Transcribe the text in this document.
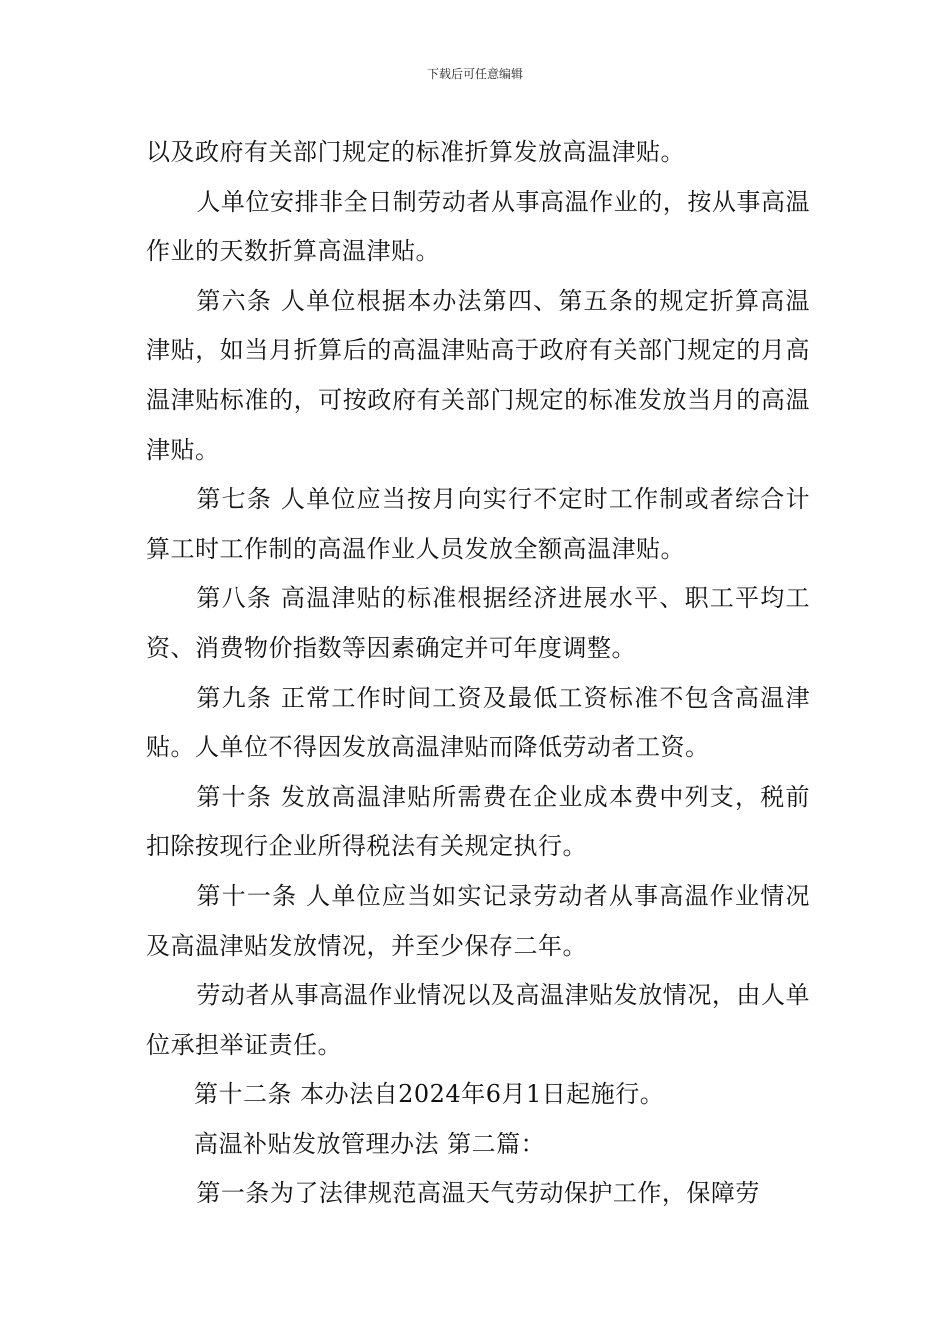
下载后可任意编辑

以及政府有关部门规定的标准折算发放高温津贴。

人单位安排非全日制劳动者从事高温作业的，按从事高温作业的天数折算高温津贴。

第六条 人单位根据本办法第四、第五条的规定折算高温津贴，如当月折算后的高温津贴高于政府有关部门规定的月高温津贴标准的，可按政府有关部门规定的标准发放当月的高温津贴。

第七条 人单位应当按月向实行不定时工作制或者综合计算工时工作制的高温作业人员发放全额高温津贴。

第八条 高温津贴的标准根据经济进展水平、职工平均工资、消费物价指数等因素确定并可年度调整。

第九条 正常工作时间工资及最低工资标准不包含高温津贴。人单位不得因发放高温津贴而降低劳动者工资。

第十条 发放高温津贴所需费在企业成本费中列支，税前扣除按现行企业所得税法有关规定执行。

第十一条 人单位应当如实记录劳动者从事高温作业情况及高温津贴发放情况，并至少保存二年。

劳动者从事高温作业情况以及高温津贴发放情况，由人单位承担举证责任。

第十二条 本办法自2024年6月1日起施行。

高温补贴发放管理办法 第二篇：

第一条为了法律规范高温天气劳动保护工作，保障劳
